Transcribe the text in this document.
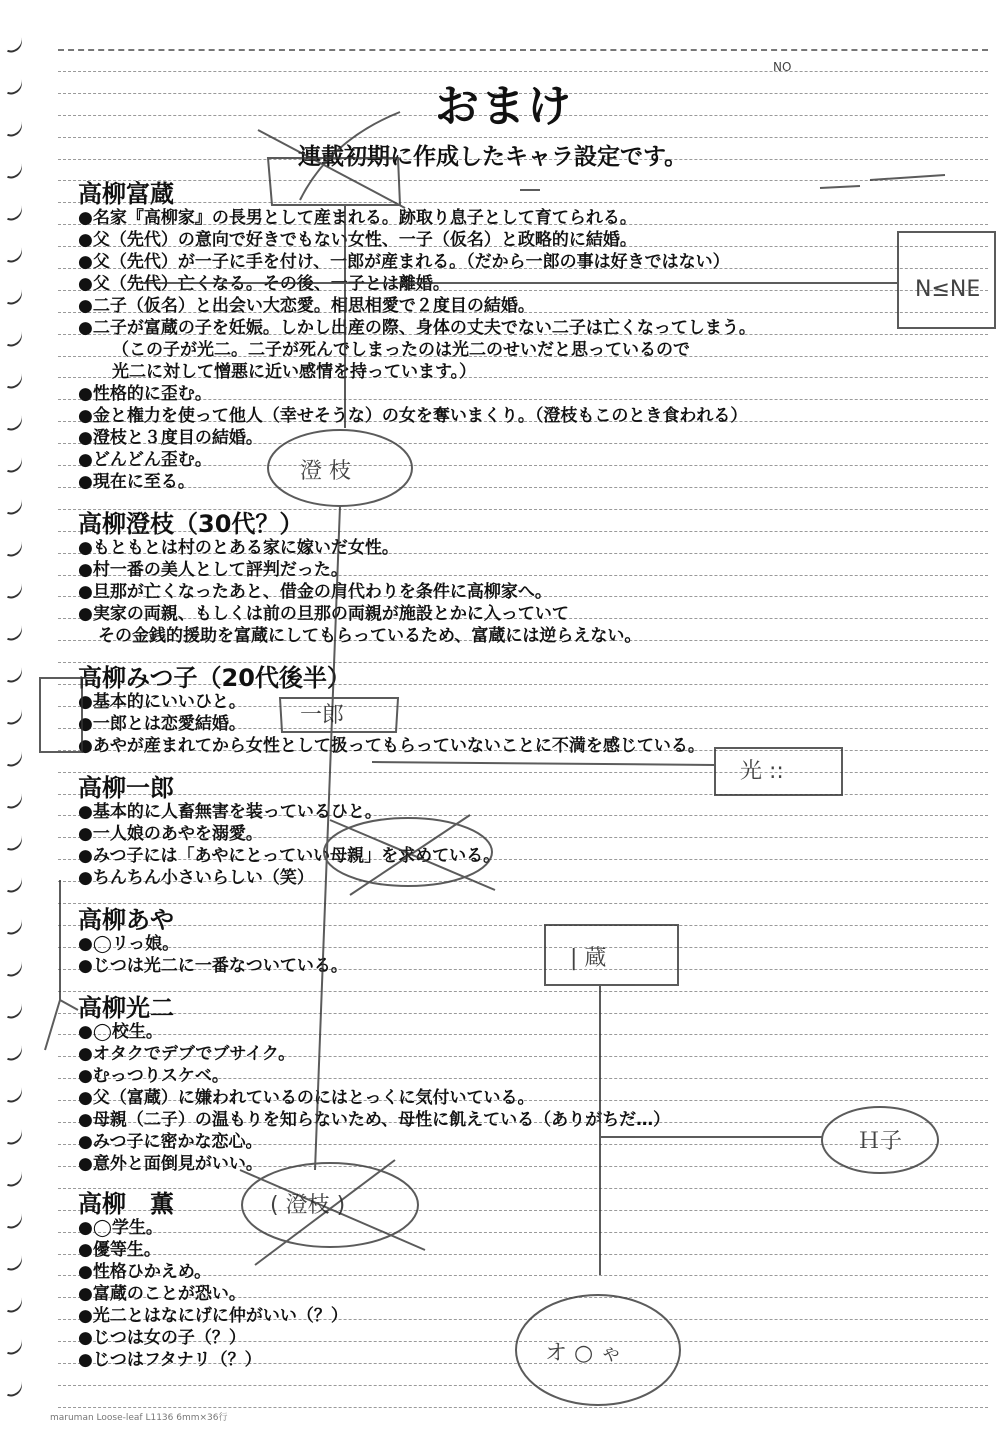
NO
おまけ
連載初期に作成したキャラ設定です。
高柳富蔵
●名家『高柳家』の長男として産まれる。跡取り息子として育てられる。
●父（先代）の意向で好きでもない女性、一子（仮名）と政略的に結婚。
●父（先代）が一子に手を付け、一郎が産まれる。（だから一郎の事は好きではない）
●父（先代）亡くなる。その後、一子とは離婚。
●二子（仮名）と出会い大恋愛。相思相愛で２度目の結婚。
●二子が富蔵の子を妊娠。しかし出産の際、身体の丈夫でない二子は亡くなってしまう。
（この子が光二。二子が死んでしまったのは光二のせいだと思っているので
光二に対して憎悪に近い感情を持っています。）
●性格的に歪む。
●金と権力を使って他人（幸せそうな）の女を奪いまくり。（澄枝もこのとき食われる）
●澄枝と３度目の結婚。
●どんどん歪む。
●現在に至る。
高柳澄枝（30代？）
●もともとは村のとある家に嫁いだ女性。
●村一番の美人として評判だった。
●旦那が亡くなったあと、借金の肩代わりを条件に高柳家へ。
●実家の両親、もしくは前の旦那の両親が施設とかに入っていて
その金銭的援助を富蔵にしてもらっているため、富蔵には逆らえない。
高柳みつ子（20代後半）
●基本的にいいひと。
●一郎とは恋愛結婚。
●あやが産まれてから女性として扱ってもらっていないことに不満を感じている。
高柳一郎
●基本的に人畜無害を装っているひと。
●一人娘のあやを溺愛。
●みつ子には「あやにとっていい母親」を求めている。
●ちんちん小さいらしい（笑）
高柳あや
●◯リっ娘。
●じつは光二に一番なついている。
高柳光二
●◯校生。
●オタクでデブでブサイク。
●むっつりスケベ。
●父（富蔵）に嫌われているのにはとっくに気付いている。
●母親（二子）の温もりを知らないため、母性に飢えている（ありがちだ…）
●みつ子に密かな恋心。
●意外と面倒見がいい。
高柳　薫
●◯学生。
●優等生。
●性格ひかえめ。
●富蔵のことが恐い。
●光二とはなにげに仲がいい（？）
●じつは女の子（？）
●じつはフタナリ（？）
maruman Loose-leaf L1136 6mm×36行
N≤NE
澄 枝
一郎
光 ::
| 蔵
Ｈ子
( 澄枝 )
オ ○ ゃ
